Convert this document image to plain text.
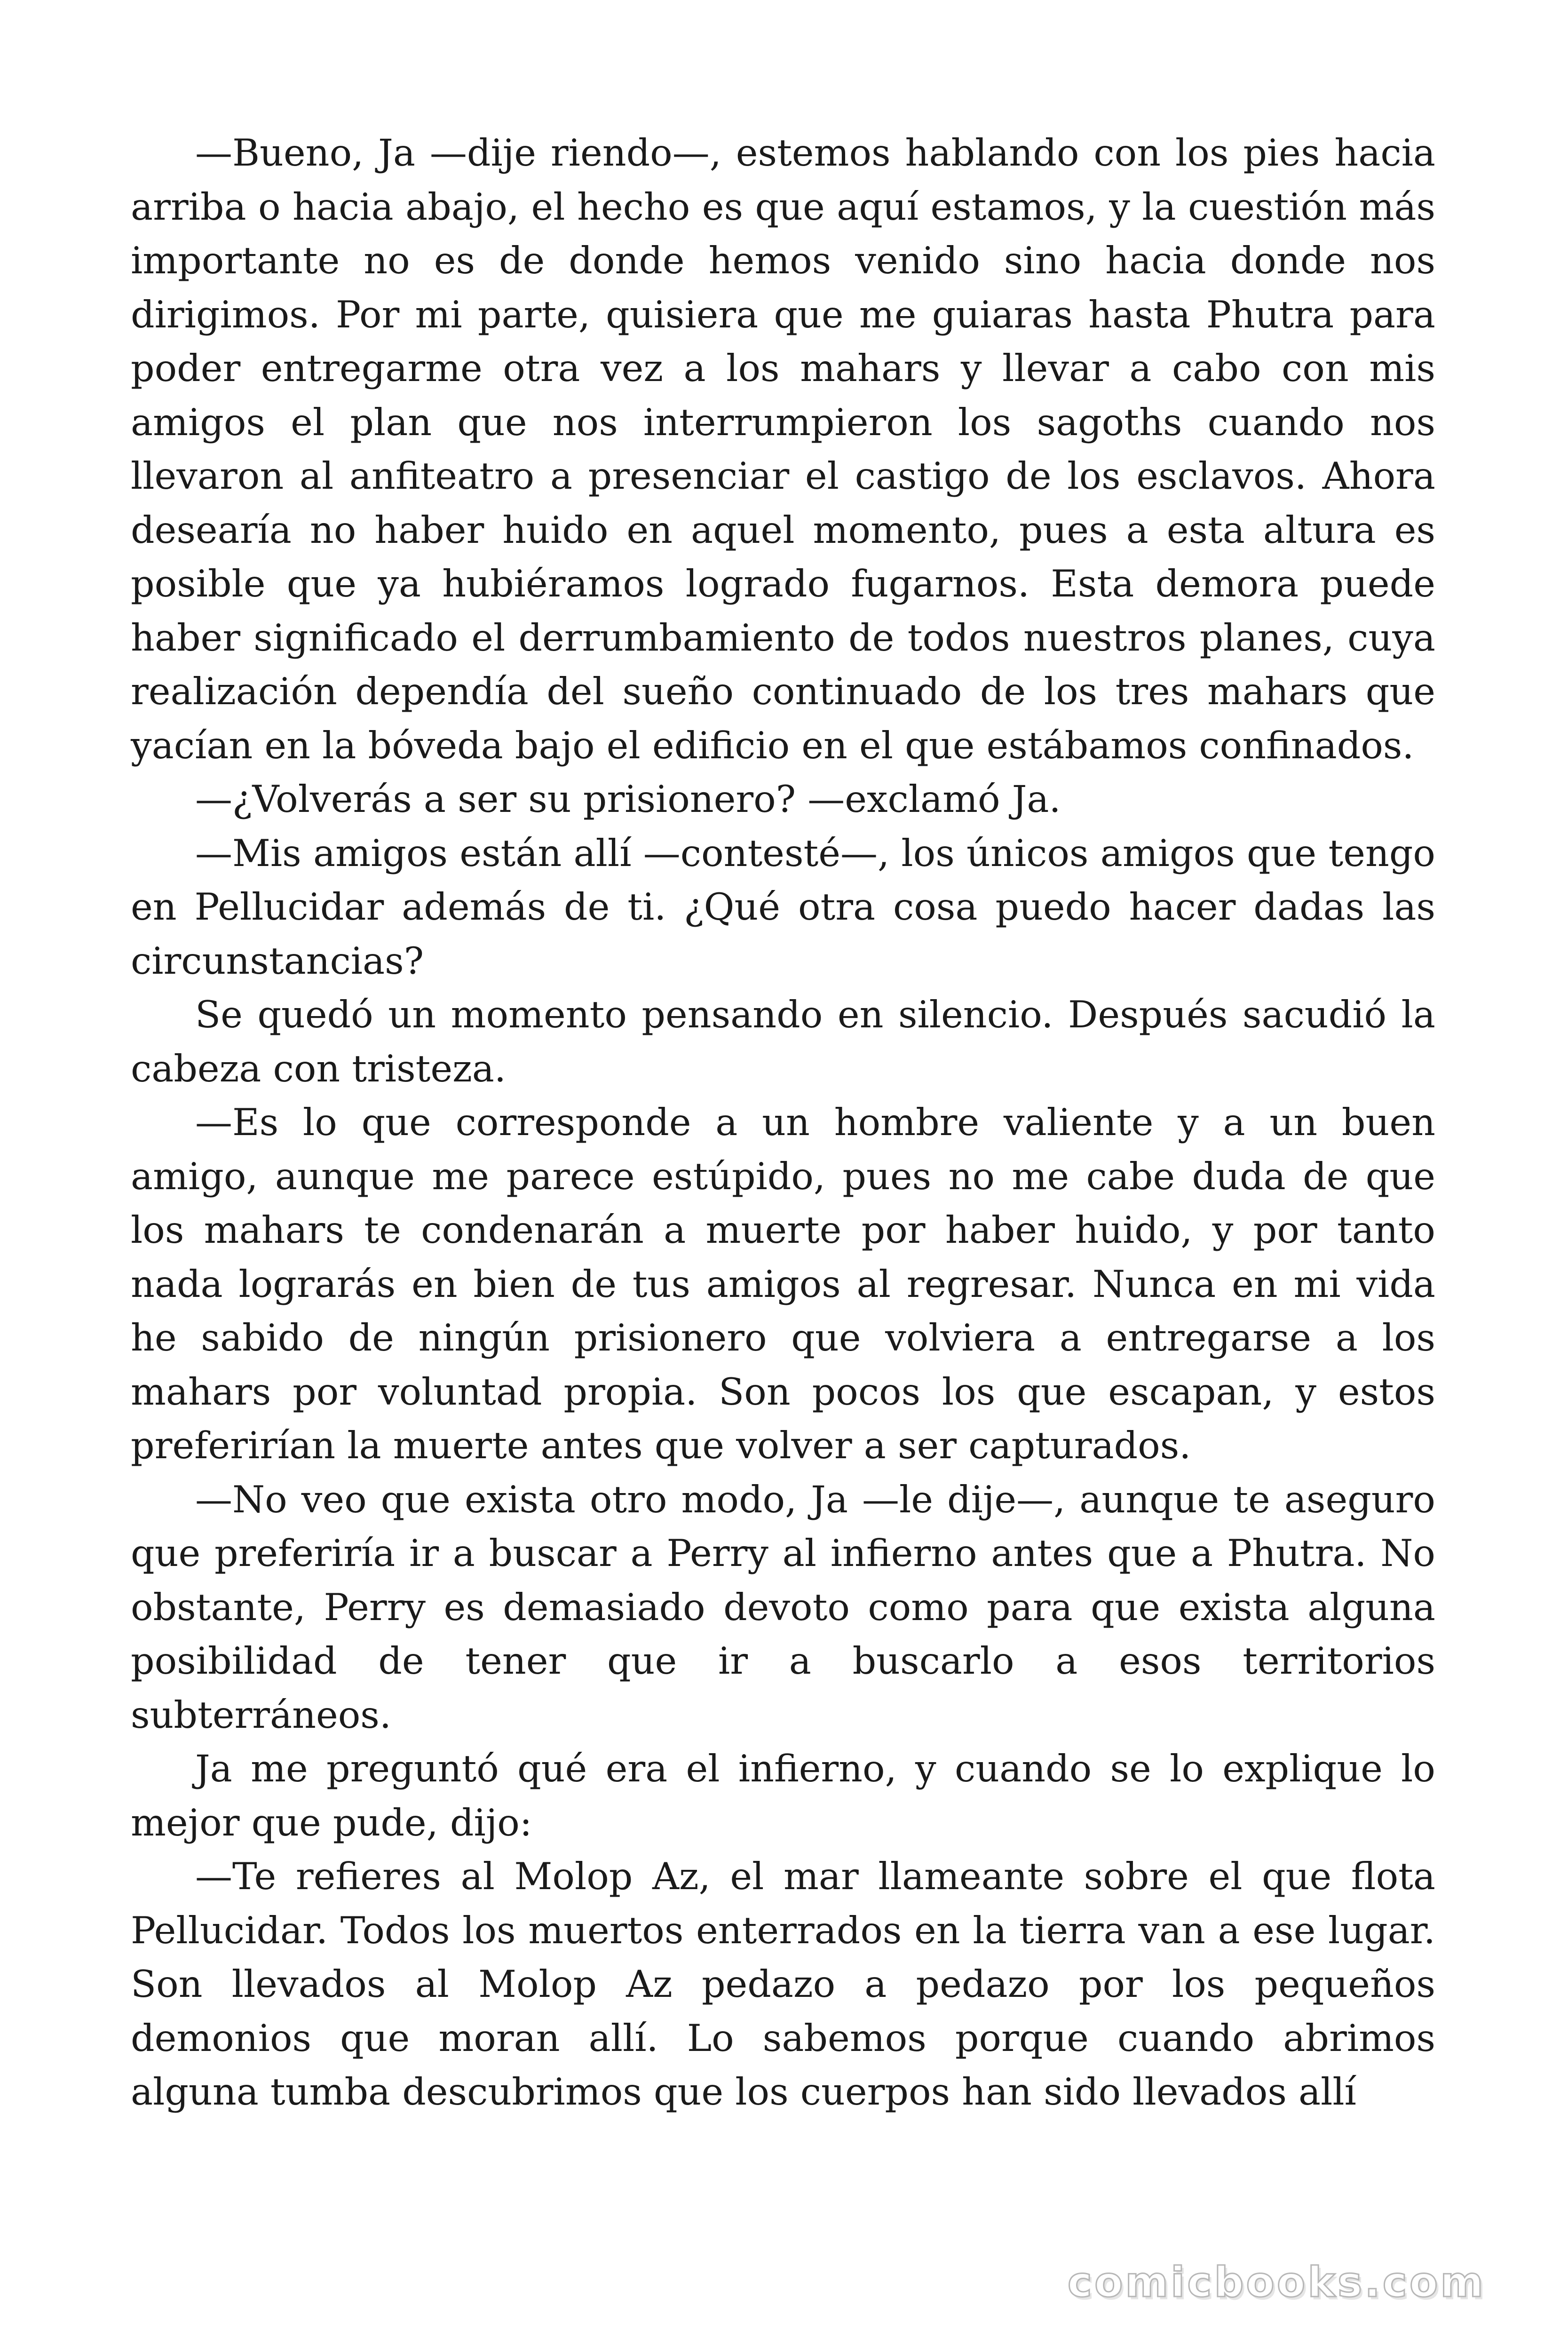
—Bueno, Ja —dije riendo—, estemos hablando con los pies hacia arriba o hacia abajo, el hecho es que aquí estamos, y la cuestión más importante no es de donde hemos venido sino hacia donde nos dirigimos. Por mi parte, quisiera que me guiaras hasta Phutra para poder entregarme otra vez a los mahars y llevar a cabo con mis amigos el plan que nos interrumpieron los sagoths cuando nos llevaron al anfiteatro a presenciar el castigo de los esclavos. Ahora desearía no haber huido en aquel momento, pues a esta altura es posible que ya hubiéramos logrado fugarnos. Esta demora puede haber significado el derrumbamiento de todos nuestros planes, cuya realización dependía del sueño continuado de los tres mahars que yacían en la bóveda bajo el edificio en el que estábamos confinados.

—¿Volverás a ser su prisionero? —exclamó Ja.

—Mis amigos están allí —contesté—, los únicos amigos que tengo en Pellucidar además de ti. ¿Qué otra cosa puedo hacer dadas las circunstancias?

Se quedó un momento pensando en silencio. Después sacudió la cabeza con tristeza.

—Es lo que corresponde a un hombre valiente y a un buen amigo, aunque me parece estúpido, pues no me cabe duda de que los mahars te condenarán a muerte por haber huido, y por tanto nada lograrás en bien de tus amigos al regresar. Nunca en mi vida he sabido de ningún prisionero que volviera a entregarse a los mahars por voluntad propia. Son pocos los que escapan, y estos preferirían la muerte antes que volver a ser capturados.

—No veo que exista otro modo, Ja —le dije—, aunque te aseguro que preferiría ir a buscar a Perry al infierno antes que a Phutra. No obstante, Perry es demasiado devoto como para que exista alguna posibilidad de tener que ir a buscarlo a esos territorios subterráneos.

Ja me preguntó qué era el infierno, y cuando se lo explique lo mejor que pude, dijo:

—Te refieres al Molop Az, el mar llameante sobre el que flota Pellucidar. Todos los muertos enterrados en la tierra van a ese lugar. Son llevados al Molop Az pedazo a pedazo por los pequeños demonios que moran allí. Lo sabemos porque cuando abrimos alguna tumba descubrimos que los cuerpos han sido llevados allí

comicbooks.com
